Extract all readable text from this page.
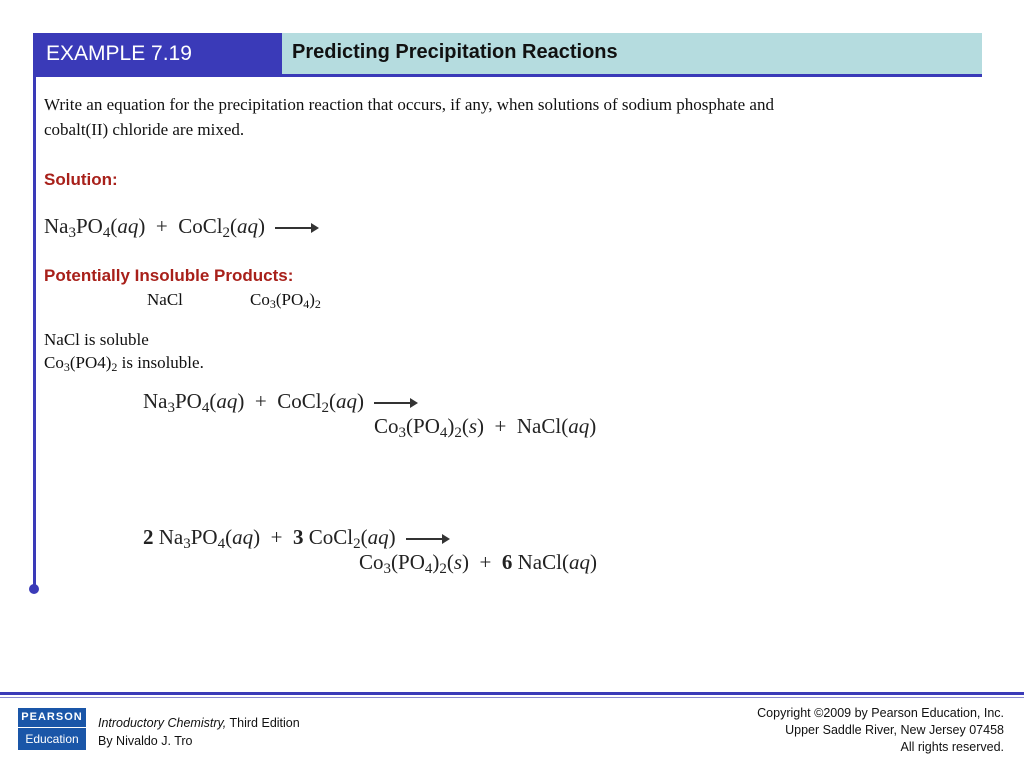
EXAMPLE 7.19	Predicting Precipitation Reactions
Write an equation for the precipitation reaction that occurs, if any, when solutions of sodium phosphate and
cobalt(II) chloride are mixed.
Solution:
$Na_3PO_4(aq)$  +  CoCl$_2$(aq)
Potentially Insoluble Products:
NaCl	$Co_3(PO_4)_2$
NaCl is soluble
$Co_3(PO4)_2$ is insoluble.
$Na_3PO_4(aq)$  +  CoCl$_2$(aq)
$Co_3(PO_4)_2(s)$  +  NaCl(aq)
2 $Na_3PO_4(aq) + 3$ CoCl$_2$(aq)
$Co_3(PO_4)_2(s) + 6$ NaCl(aq)
PEARSON
Education
Introductory Chemistry, Third Edition
By Nivaldo J. Tro
Copyright ©2009 by Pearson Education, Inc.
Upper Saddle River, New Jersey 07458
All rights reserved.
